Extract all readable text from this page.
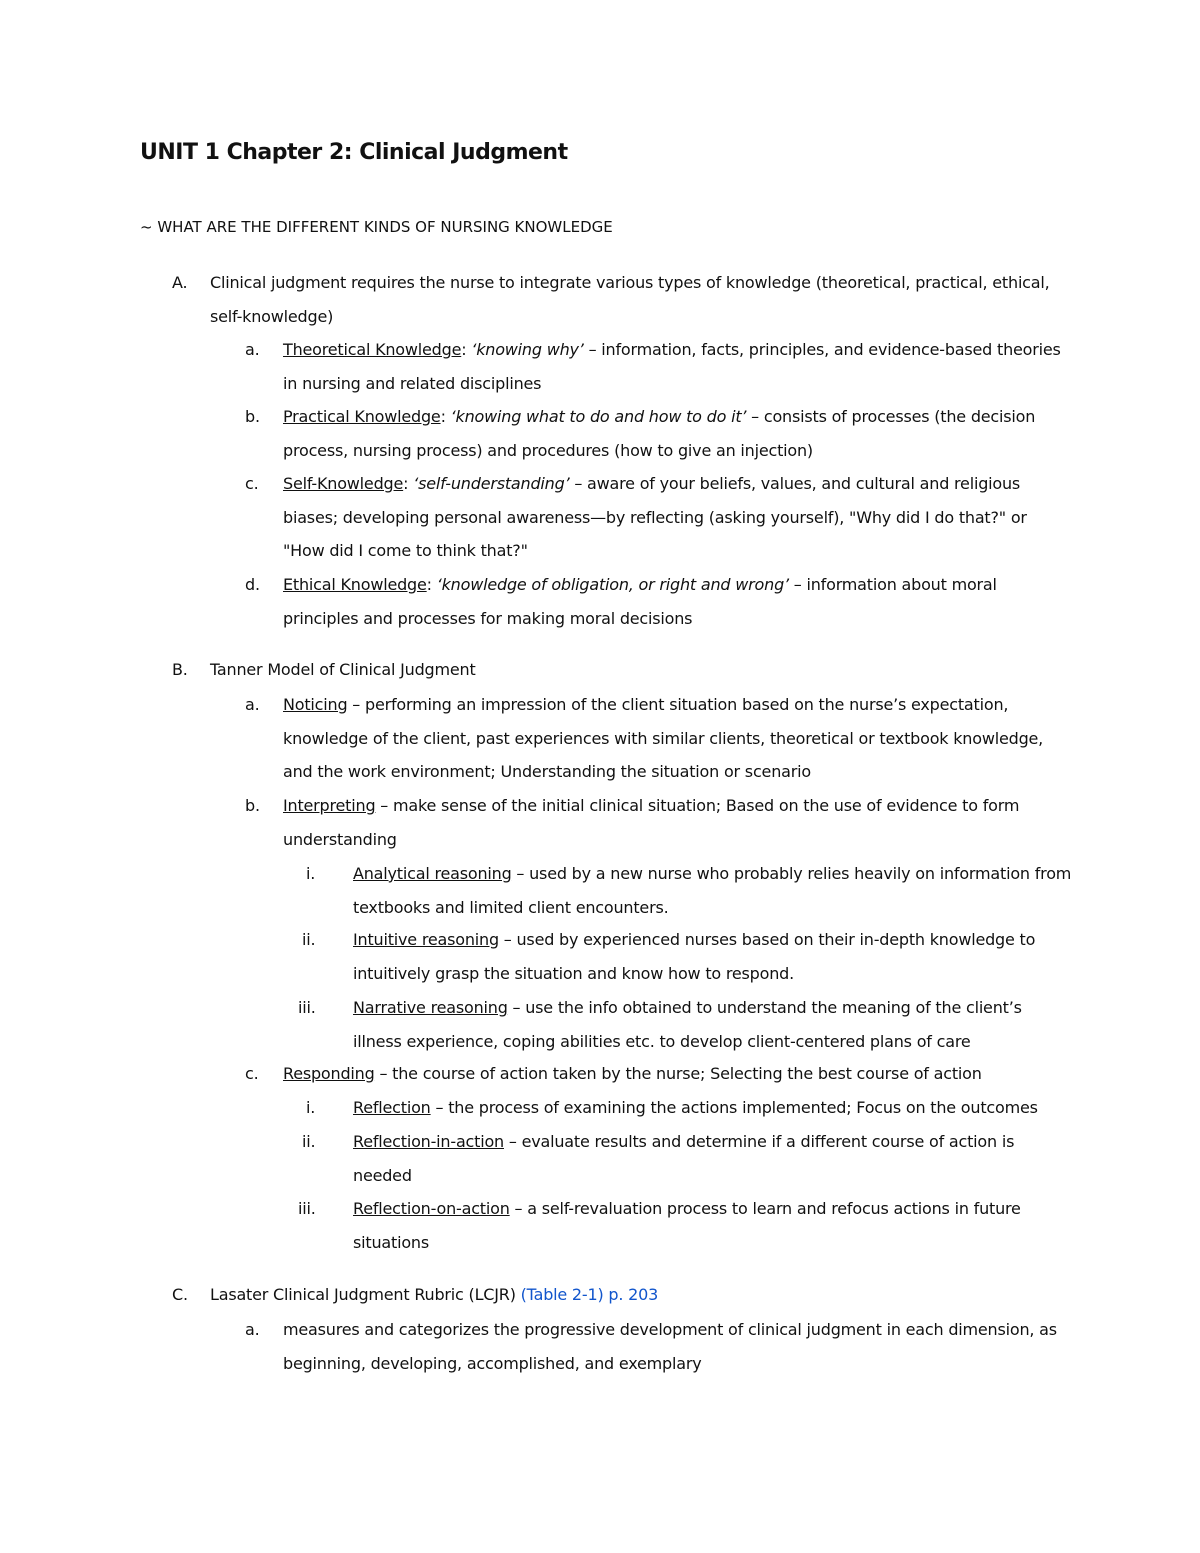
UNIT 1 Chapter 2: Clinical Judgment
~ WHAT ARE THE DIFFERENT KINDS OF NURSING KNOWLEDGE
A. Clinical judgment requires the nurse to integrate various types of knowledge (theoretical, practical, ethical, self-knowledge)
a. Theoretical Knowledge: ‘knowing why’ – information, facts, principles, and evidence-based theories in nursing and related disciplines
b. Practical Knowledge: ‘knowing what to do and how to do it’ – consists of processes (the decision process, nursing process) and procedures (how to give an injection)
c. Self-Knowledge: ‘self-understanding’ – aware of your beliefs, values, and cultural and religious biases; developing personal awareness—by reflecting (asking yourself), "Why did I do that?" or "How did I come to think that?"
d. Ethical Knowledge: ‘knowledge of obligation, or right and wrong’ – information about moral principles and processes for making moral decisions
B. Tanner Model of Clinical Judgment
a. Noticing – performing an impression of the client situation based on the nurse’s expectation, knowledge of the client, past experiences with similar clients, theoretical or textbook knowledge, and the work environment; Understanding the situation or scenario
b. Interpreting – make sense of the initial clinical situation; Based on the use of evidence to form understanding
i. Analytical reasoning – used by a new nurse who probably relies heavily on information from textbooks and limited client encounters.
ii. Intuitive reasoning – used by experienced nurses based on their in-depth knowledge to intuitively grasp the situation and know how to respond.
iii. Narrative reasoning – use the info obtained to understand the meaning of the client’s illness experience, coping abilities etc. to develop client-centered plans of care
c. Responding – the course of action taken by the nurse; Selecting the best course of action
i. Reflection – the process of examining the actions implemented; Focus on the outcomes
ii. Reflection-in-action – evaluate results and determine if a different course of action is needed
iii. Reflection-on-action – a self-revaluation process to learn and refocus actions in future situations
C. Lasater Clinical Judgment Rubric (LCJR) (Table 2-1) p. 203
a. measures and categorizes the progressive development of clinical judgment in each dimension, as beginning, developing, accomplished, and exemplary
